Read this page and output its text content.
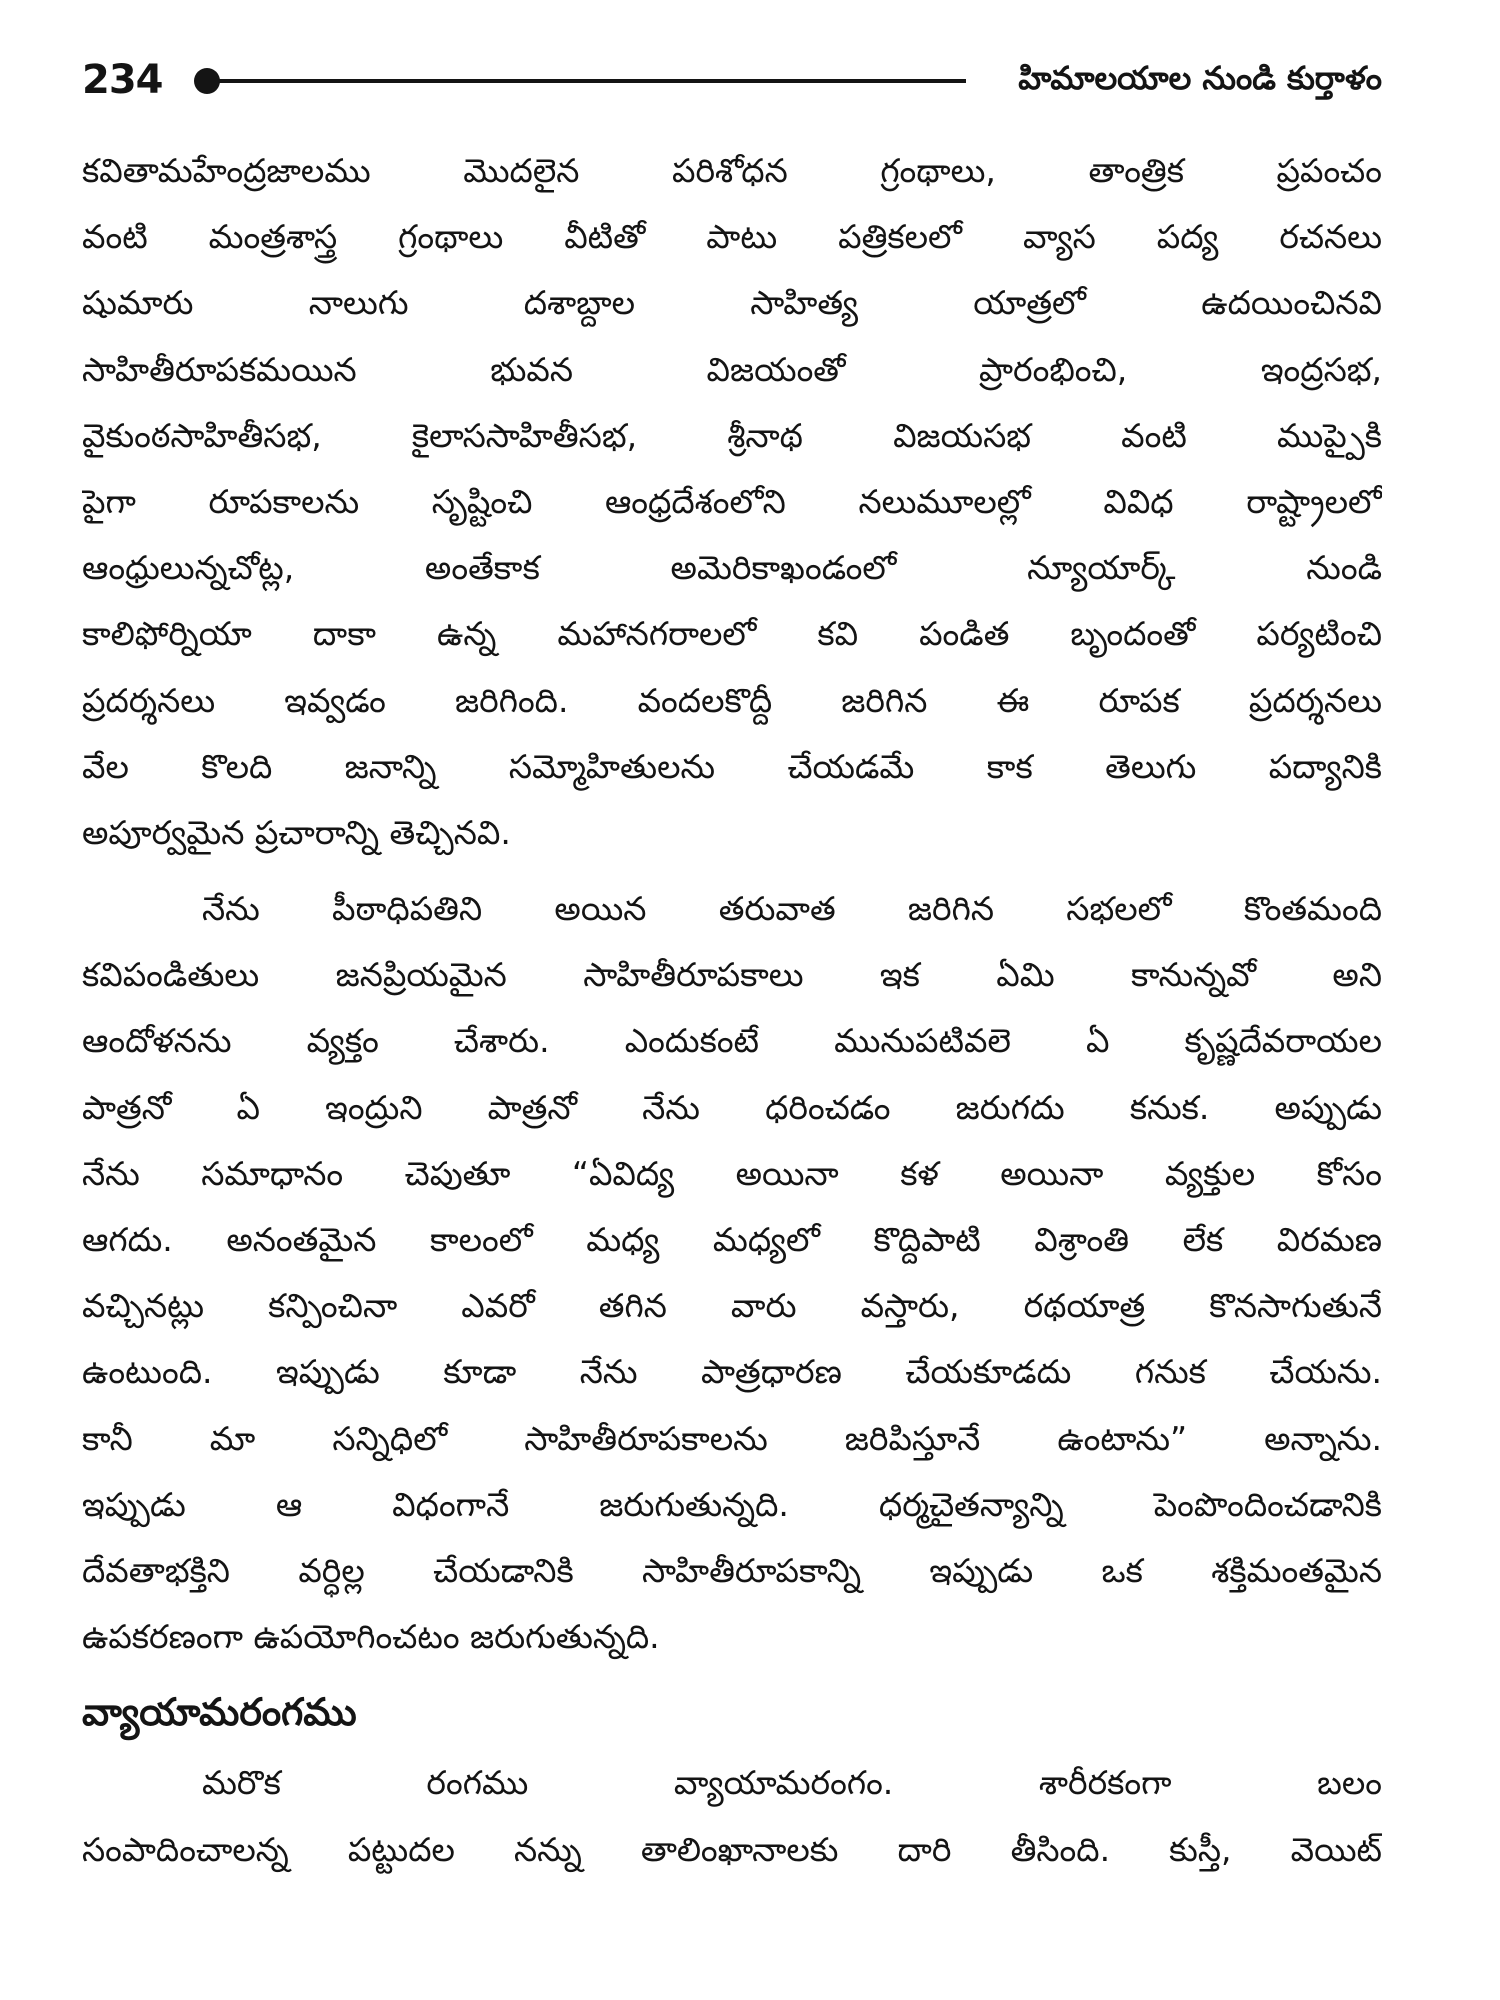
234	హిమాలయాల నుండి కుర్తాళం
కవితామహేంద్రజాలము మొదలైన పరిశోధన గ్రంథాలు, తాంత్రిక ప్రపంచం
వంటి మంత్రశాస్త్ర గ్రంథాలు వీటితో పాటు పత్రికలలో వ్యాస పద్య రచనలు
షుమారు నాలుగు దశాబ్దాల సాహిత్య యాత్రలో ఉదయించినవి
సాహితీరూపకమయిన భువన విజయంతో ప్రారంభించి, ఇంద్రసభ,
వైకుంఠసాహితీసభ, కైలాససాహితీసభ, శ్రీనాథ విజయసభ వంటి ముప్పైకి
పైగా రూపకాలను సృష్టించి ఆంధ్రదేశంలోని నలుమూలల్లో వివిధ రాష్ట్రాలలో
ఆంధ్రులున్నచోట్ల, అంతేకాక అమెరికాఖండంలో న్యూయార్క్ నుండి
కాలిఫోర్నియా దాకా ఉన్న మహానగరాలలో కవి పండిత బృందంతో పర్యటించి
ప్రదర్శనలు ఇవ్వడం జరిగింది. వందలకొద్దీ జరిగిన ఈ రూపక ప్రదర్శనలు
వేల కొలది జనాన్ని సమ్మోహితులను చేయడమే కాక తెలుగు పద్యానికి
అపూర్వమైన ప్రచారాన్ని తెచ్చినవి.
నేను పీఠాధిపతిని అయిన తరువాత జరిగిన సభలలో కొంతమంది
కవిపండితులు జనప్రియమైన సాహితీరూపకాలు ఇక ఏమి కానున్నవో అని
ఆందోళనను వ్యక్తం చేశారు. ఎందుకంటే మునుపటివలె ఏ కృష్ణదేవరాయల
పాత్రనో ఏ ఇంద్రుని పాత్రనో నేను ధరించడం జరుగదు కనుక. అప్పుడు
నేను సమాధానం చెపుతూ “ఏవిద్య అయినా కళ అయినా వ్యక్తుల కోసం
ఆగదు. అనంతమైన కాలంలో మధ్య మధ్యలో కొద్దిపాటి విశ్రాంతి లేక విరమణ
వచ్చినట్లు కన్పించినా ఎవరో తగిన వారు వస్తారు, రథయాత్ర కొనసాగుతునే
ఉంటుంది. ఇప్పుడు కూడా నేను పాత్రధారణ చేయకూడదు గనుక చేయను.
కానీ మా సన్నిధిలో సాహితీరూపకాలను జరిపిస్తూనే ఉంటాను” అన్నాను.
ఇప్పుడు ఆ విధంగానే జరుగుతున్నది. ధర్మచైతన్యాన్ని పెంపొందించడానికి
దేవతాభక్తిని వర్ధిల్ల చేయడానికి సాహితీరూపకాన్ని ఇప్పుడు ఒక శక్తిమంతమైన
ఉపకరణంగా ఉపయోగించటం జరుగుతున్నది.
వ్యాయామరంగము
మరొక రంగము వ్యాయామరంగం. శారీరకంగా బలం
సంపాదించాలన్న పట్టుదల నన్ను తాలింఖానాలకు దారి తీసింది. కుస్తీ, వెయిట్
